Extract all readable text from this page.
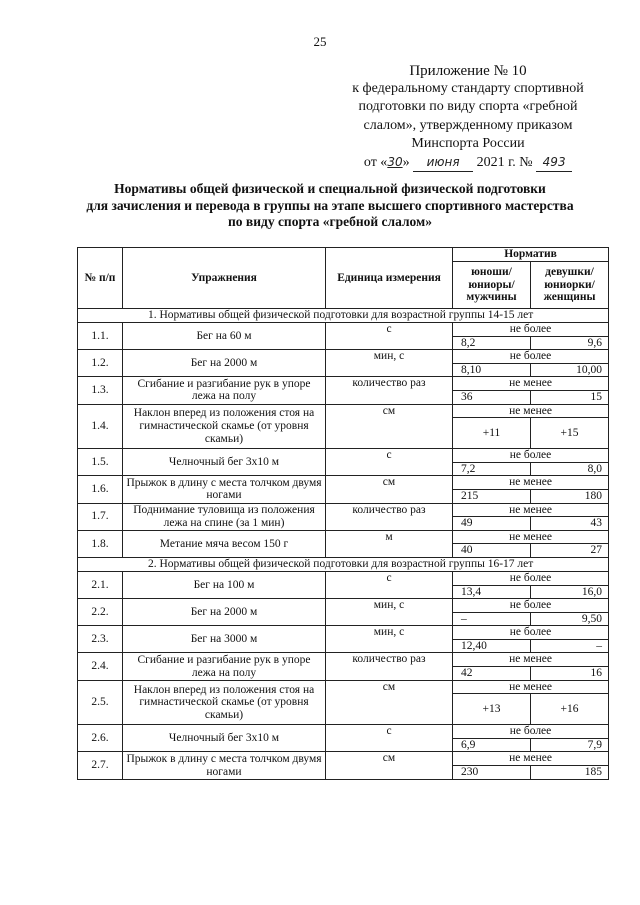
25
Приложение № 10
к федеральному стандарту спортивной
подготовки по виду спорта «гребной
слалом», утвержденному приказом
Минспорта России
от «30» июня 2021 г. № 493
Нормативы общей физической и специальной физической подготовки
для зачисления и перевода в группы на этапе высшего спортивного мастерства
по виду спорта «гребной слалом»
№ п/п	Упражнения	Единица измерения	Норматив	
			юноши/ юниоры/ мужчины	девушки/ юниорки/ женщины
1. Нормативы общей физической подготовки для возрастной группы 14-15 лет				
1.1.	Бег на 60 м	с	не более	
			8,2	9,6
1.2.	Бег на 2000 м	мин, с	не более	
			8,10	10,00
1.3.	Сгибание и разгибание рук в упоре лежа на полу	количество раз	не менее	
			36	15
1.4.	Наклон вперед из положения стоя на гимнастической скамье (от уровня скамьи)	см	не менее	
			+11	+15
1.5.	Челночный бег 3х10 м	с	не более	
			7,2	8,0
1.6.	Прыжок в длину с места толчком двумя ногами	см	не менее	
			215	180
1.7.	Поднимание туловища из положения лежа на спине (за 1 мин)	количество раз	не менее	
			49	43
1.8.	Метание мяча весом 150 г	м	не менее	
			40	27
2. Нормативы общей физической подготовки для возрастной группы 16-17 лет				
2.1.	Бег на 100 м	с	не более	
			13,4	16,0
2.2.	Бег на 2000 м	мин, с	не более	
			–	9,50
2.3.	Бег на 3000 м	мин, с	не более	
			12,40	–
2.4.	Сгибание и разгибание рук в упоре лежа на полу	количество раз	не менее	
			42	16
2.5.	Наклон вперед из положения стоя на гимнастической скамье (от уровня скамьи)	см	не менее	
			+13	+16
2.6.	Челночный бег 3х10 м	с	не более	
			6,9	7,9
2.7.	Прыжок в длину с места толчком двумя ногами	см	не менее	
			230	185
